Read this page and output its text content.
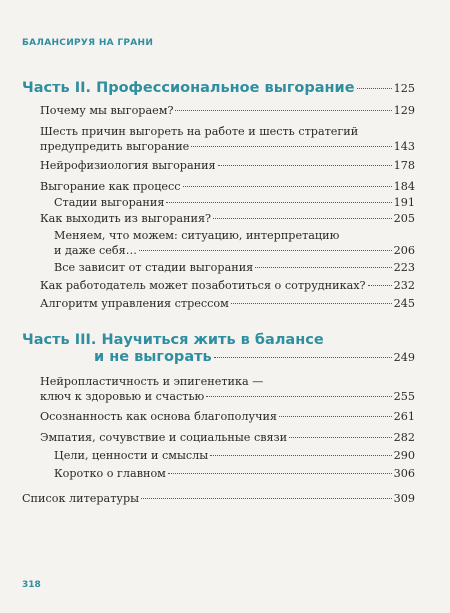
БАЛАНСИРУЯ НА ГРАНИ
Часть II. Профессиональное выгорание	125
Почему мы выгораем?	129
Шесть причин выгореть на работе и шесть стратегий
предупредить выгорание	143
Нейрофизиология выгорания	178
Выгорание как процесс	184
Стадии выгорания	191
Как выходить из выгорания?	205
Меняем, что можем: ситуацию, интерпретацию
и даже себя…	206
Все зависит от стадии выгорания	223
Как работодатель может позаботиться о сотрудниках?	232
Алгоритм управления стрессом	245
Часть III. Научиться жить в балансе
и не выгорать	249
Нейропластичность и эпигенетика —
ключ к здоровью и счастью	255
Осознанность как основа благополучия	261
Эмпатия, сочувствие и социальные связи	282
Цели, ценности и смыслы	290
Коротко о главном	306
Список литературы	309
318
